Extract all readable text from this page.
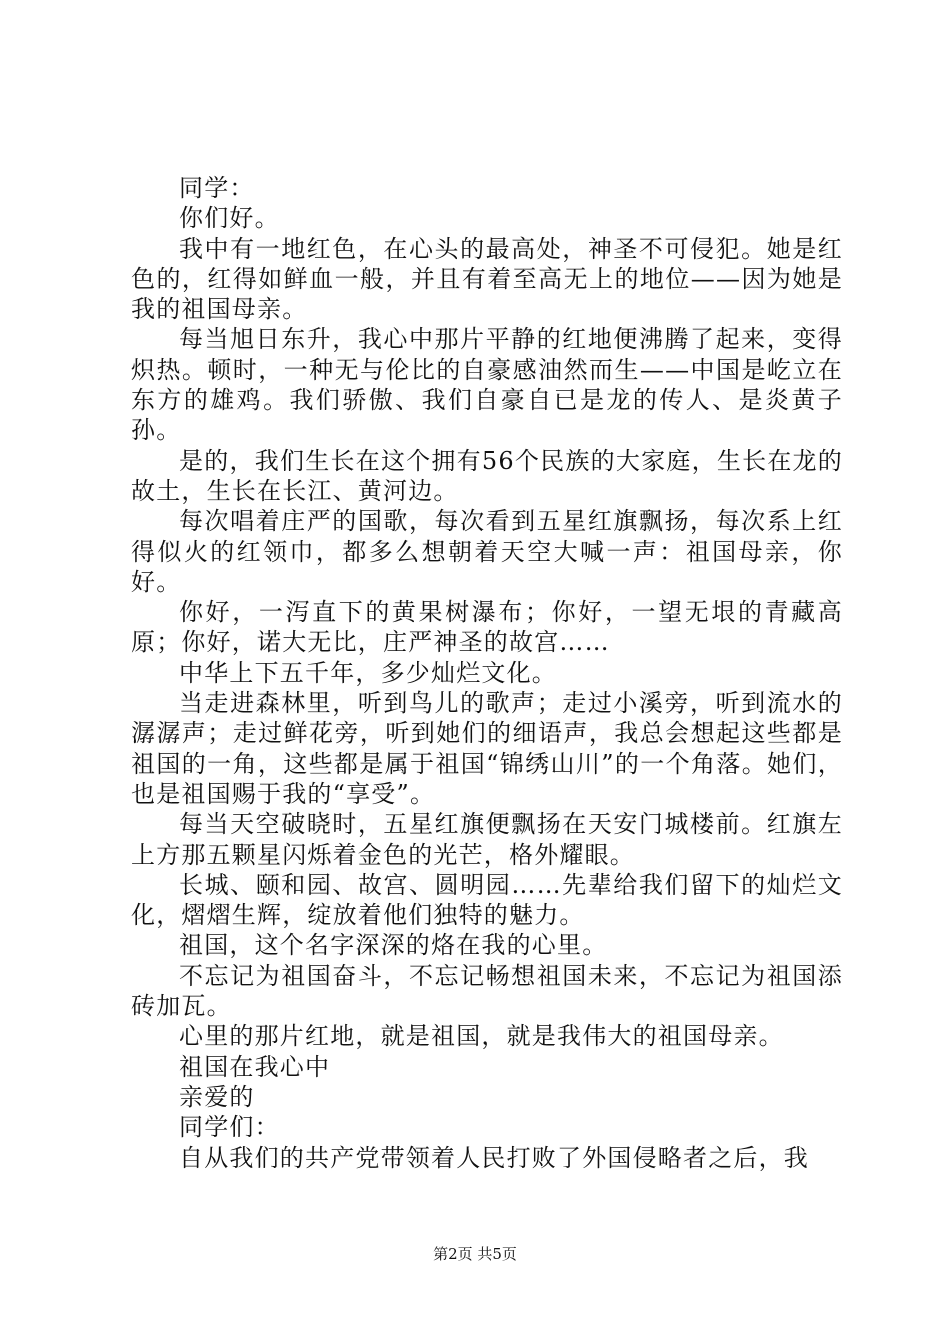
同学：

你们好。

我中有一地红色，在心头的最高处，神圣不可侵犯。她是红色的，红得如鲜血一般，并且有着至高无上的地位——因为她是我的祖国母亲。

每当旭日东升，我心中那片平静的红地便沸腾了起来，变得炽热。顿时，一种无与伦比的自豪感油然而生——中国是屹立在东方的雄鸡。我们骄傲、我们自豪自已是龙的传人、是炎黄子孙。

是的，我们生长在这个拥有56个民族的大家庭，生长在龙的故土，生长在长江、黄河边。

每次唱着庄严的国歌，每次看到五星红旗飘扬，每次系上红得似火的红领巾，都多么想朝着天空大喊一声：祖国母亲，你好。

你好，一泻直下的黄果树瀑布；你好，一望无垠的青藏高原；你好，诺大无比，庄严神圣的故宫……

中华上下五千年，多少灿烂文化。

当走进森林里，听到鸟儿的歌声；走过小溪旁，听到流水的潺潺声；走过鲜花旁，听到她们的细语声，我总会想起这些都是祖国的一角，这些都是属于祖国“锦绣山川”的一个角落。她们，也是祖国赐于我的“享受”。

每当天空破晓时，五星红旗便飘扬在天安门城楼前。红旗左上方那五颗星闪烁着金色的光芒，格外耀眼。

长城、颐和园、故宫、圆明园……先辈给我们留下的灿烂文化，熠熠生辉，绽放着他们独特的魅力。

祖国，这个名字深深的烙在我的心里。

不忘记为祖国奋斗，不忘记畅想祖国未来，不忘记为祖国添砖加瓦。

心里的那片红地，就是祖国，就是我伟大的祖国母亲。

祖国在我心中

亲爱的

同学们：

自从我们的共产党带领着人民打败了外国侵略者之后，我

第2页 共5页
